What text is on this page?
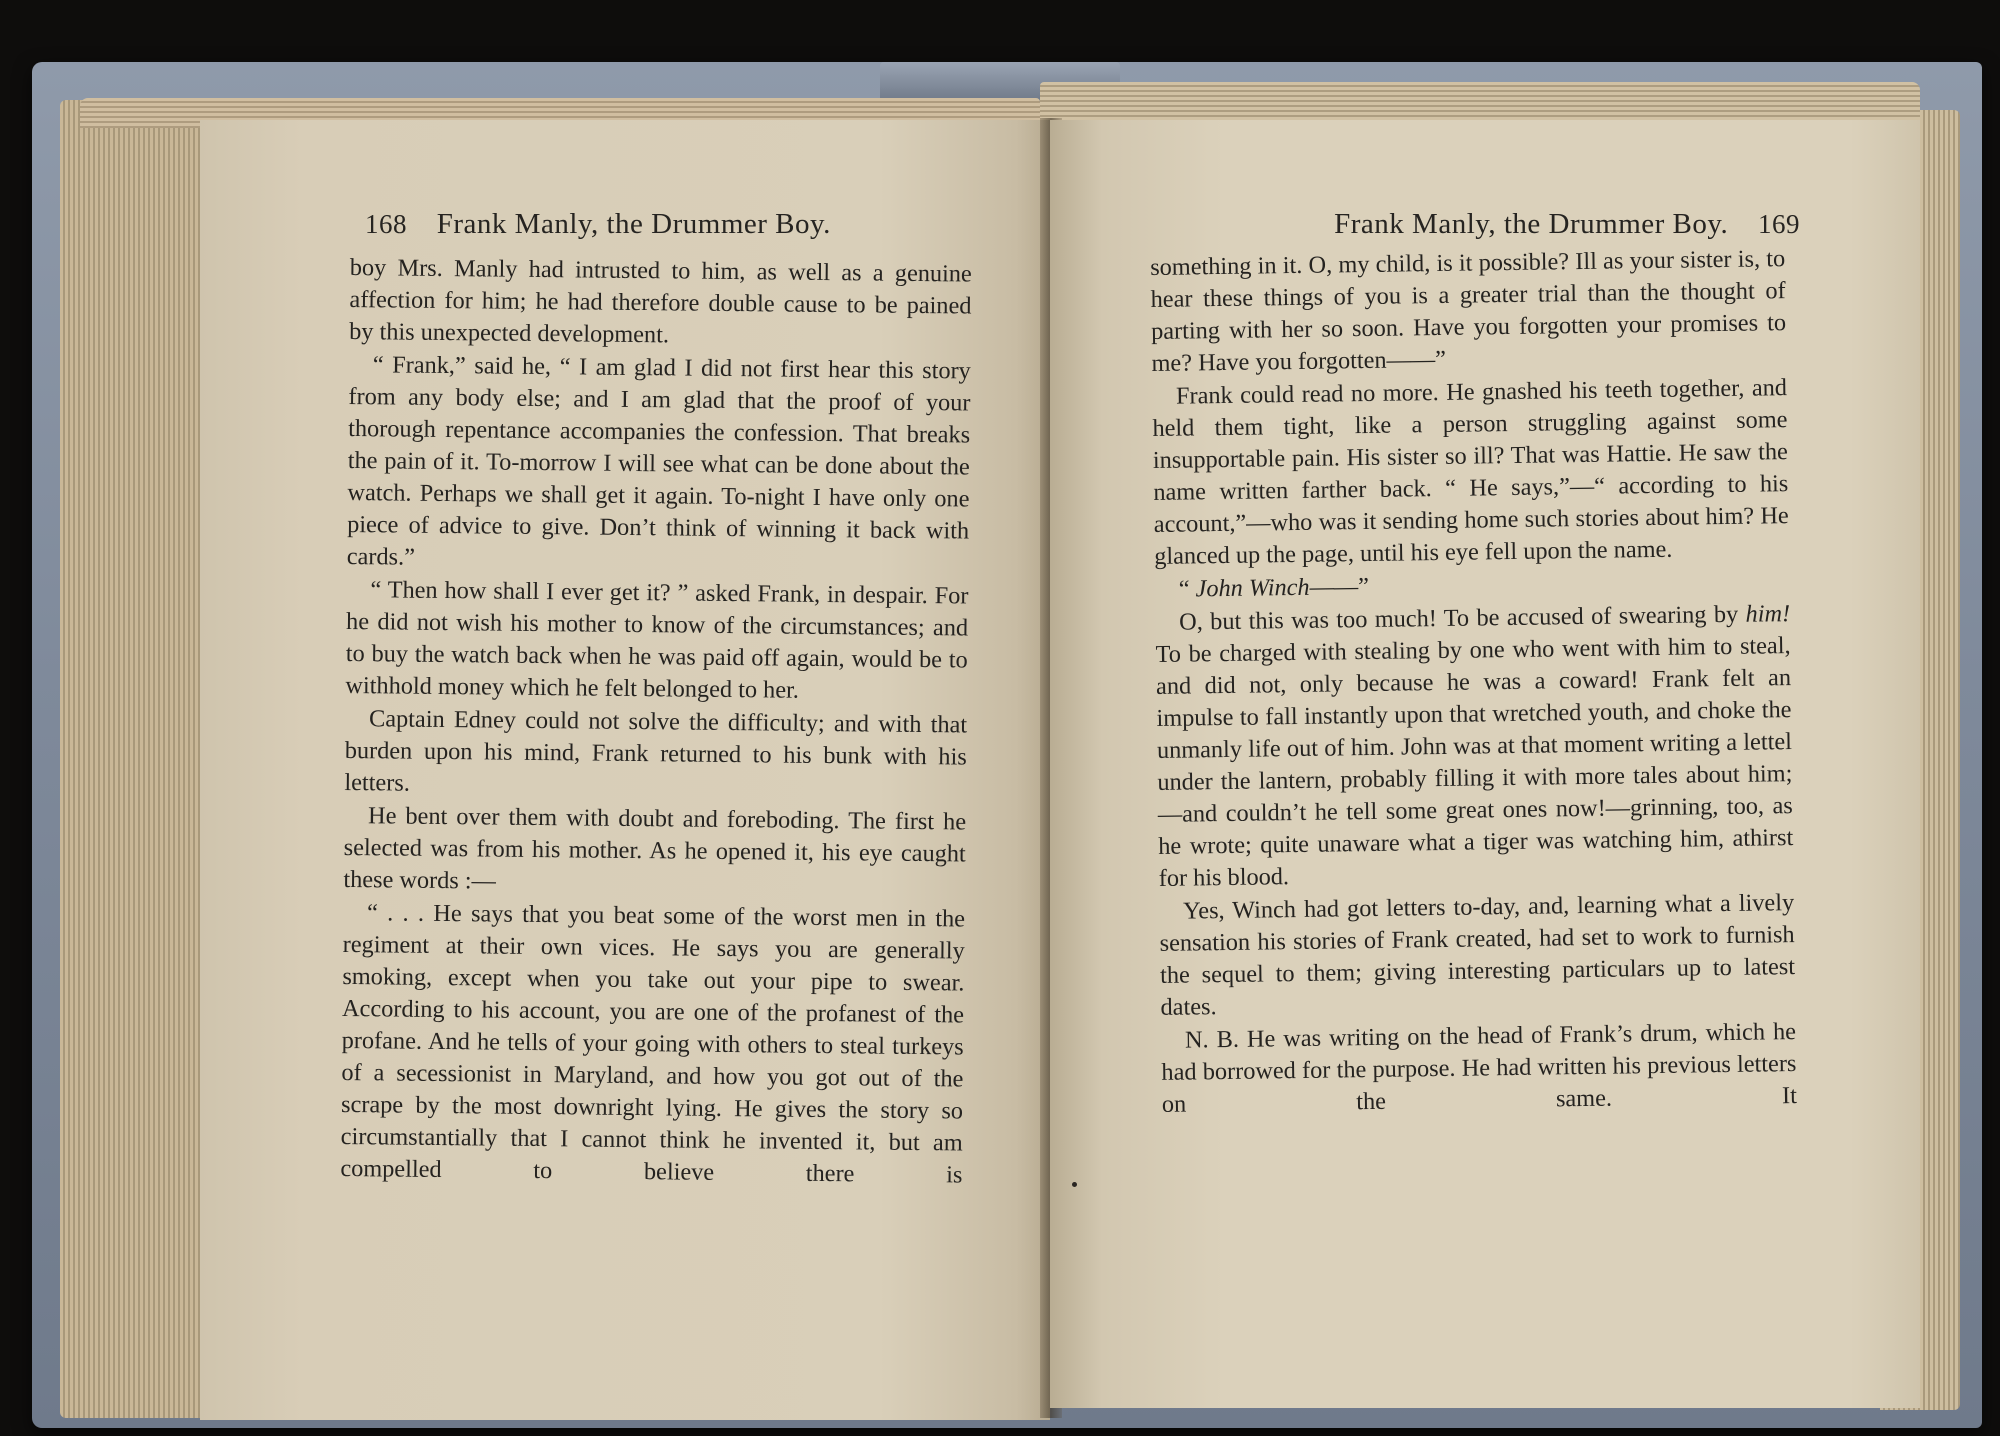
168 Frank Manly, the Drummer Boy.

boy Mrs. Manly had intrusted to him, as well as a genuine affection for him; he had therefore double cause to be pained by this unexpected development.

“ Frank,” said he, “ I am glad I did not first hear this story from any body else; and I am glad that the proof of your thorough repentance accompanies the confession. That breaks the pain of it. To-morrow I will see what can be done about the watch. Perhaps we shall get it again. To-night I have only one piece of advice to give. Don’t think of winning it back with cards.”

“ Then how shall I ever get it? ” asked Frank, in despair. For he did not wish his mother to know of the circumstances; and to buy the watch back when he was paid off again, would be to withhold money which he felt belonged to her.

Captain Edney could not solve the difficulty; and with that burden upon his mind, Frank returned to his bunk with his letters.

He bent over them with doubt and foreboding. The first he selected was from his mother. As he opened it, his eye caught these words :—

“ . . . He says that you beat some of the worst men in the regiment at their own vices. He says you are generally smoking, except when you take out your pipe to swear. According to his account, you are one of the profanest of the profane. And he tells of your going with others to steal turkeys of a secessionist in Maryland, and how you got out of the scrape by the most downright lying. He gives the story so circumstantially that I cannot think he invented it, but am compelled to believe there is

Frank Manly, the Drummer Boy. 169

something in it. O, my child, is it possible? Ill as your sister is, to hear these things of you is a greater trial than the thought of parting with her so soon. Have you forgotten your promises to me? Have you forgotten——”

Frank could read no more. He gnashed his teeth together, and held them tight, like a person struggling against some insupportable pain. His sister so ill? That was Hattie. He saw the name written farther back. “ He says,”—“ according to his account,”—who was it sending home such stories about him? He glanced up the page, until his eye fell upon the name.

“ John Winch——”

O, but this was too much! To be accused of swearing by him! To be charged with stealing by one who went with him to steal, and did not, only because he was a coward! Frank felt an impulse to fall instantly upon that wretched youth, and choke the unmanly life out of him. John was at that moment writing a lettel under the lantern, probably filling it with more tales about him;—and couldn’t he tell some great ones now!—grinning, too, as he wrote; quite unaware what a tiger was watching him, athirst for his blood.

Yes, Winch had got letters to-day, and, learning what a lively sensation his stories of Frank created, had set to work to furnish the sequel to them; giving interesting particulars up to latest dates.

N. B. He was writing on the head of Frank’s drum, which he had borrowed for the purpose. He had written his previous letters on the same. It
